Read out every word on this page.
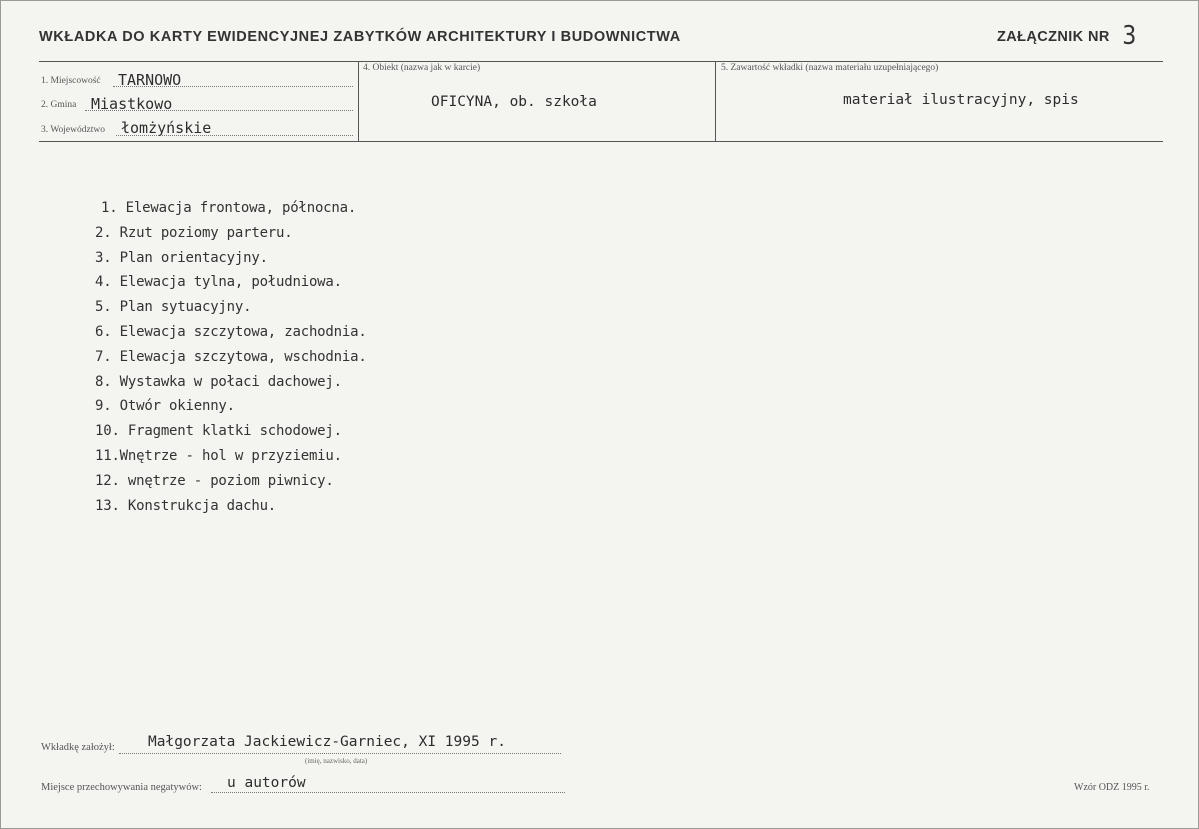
WKŁADKA DO KARTY EWIDENCYJNEJ ZABYTKÓW ARCHITEKTURY I BUDOWNICTWA	ZAŁĄCZNIK NR 3
1. Miejscowość TARNOWO
2. Gmina Miastkowo
3. Województwo łomżyńskie
4. Obiekt (nazwa jak w karcie)
OFICYNA, ob. szkoła
5. Zawartość wkładki (nazwa materiału uzupełniającego)
materiał ilustracyjny, spis
1. Elewacja frontowa, północna.
2. Rzut poziomy parteru.
3. Plan orientacyjny.
4. Elewacja tylna, południowa.
5. Plan sytuacyjny.
6. Elewacja szczytowa, zachodnia.
7. Elewacja szczytowa, wschodnia.
8. Wystawka w połaci dachowej.
9. Otwór okienny.
10. Fragment klatki schodowej.
11.Wnętrze - hol w przyziemiu.
12. wnętrze - poziom piwnicy.
13. Konstrukcja dachu.
Wkładkę założył: Małgorzata Jackiewicz-Garniec, XI 1995 r.
(imię, nazwisko, data)
Miejsce przechowywania negatywów: u autorów	Wzór ODZ 1995 r.
